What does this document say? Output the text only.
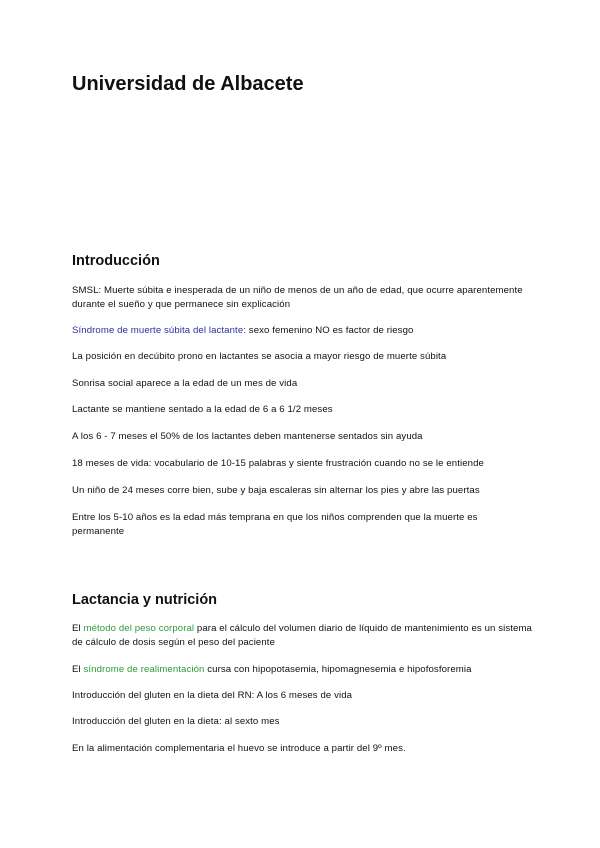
Universidad de Albacete
Introducción
SMSL: Muerte súbita e inesperada de un niño de menos de un año de edad, que ocurre aparentemente durante el sueño y que permanece sin explicación
Síndrome de muerte súbita del lactante: sexo femenino NO es factor de riesgo
La posición en decúbito prono en lactantes se asocia a mayor riesgo de muerte súbita
Sonrisa social aparece a la edad de un mes de vida
Lactante se mantiene sentado a la edad de 6 a 6 1/2 meses
A los 6 - 7 meses el 50% de los lactantes deben mantenerse sentados sin ayuda
18 meses de vida: vocabulario de 10-15 palabras y siente frustración cuando no se le entiende
Un niño de 24 meses corre bien, sube y baja escaleras sin alternar los pies y abre las puertas
Entre los 5-10 años es la edad más temprana en que los niños comprenden que la muerte es permanente
Lactancia y nutrición
El método del peso corporal para el cálculo del volumen diario de líquido de mantenimiento es un sistema de cálculo de dosis según el peso del paciente
El síndrome de realimentación cursa con hipopotasemia, hipomagnesemia e hipofosforemia
Introducción del gluten en la dieta del RN: A los 6 meses de vida
Introducción del gluten en la dieta: al sexto mes
En la alimentación complementaria el huevo se introduce a partir del 9º mes.
